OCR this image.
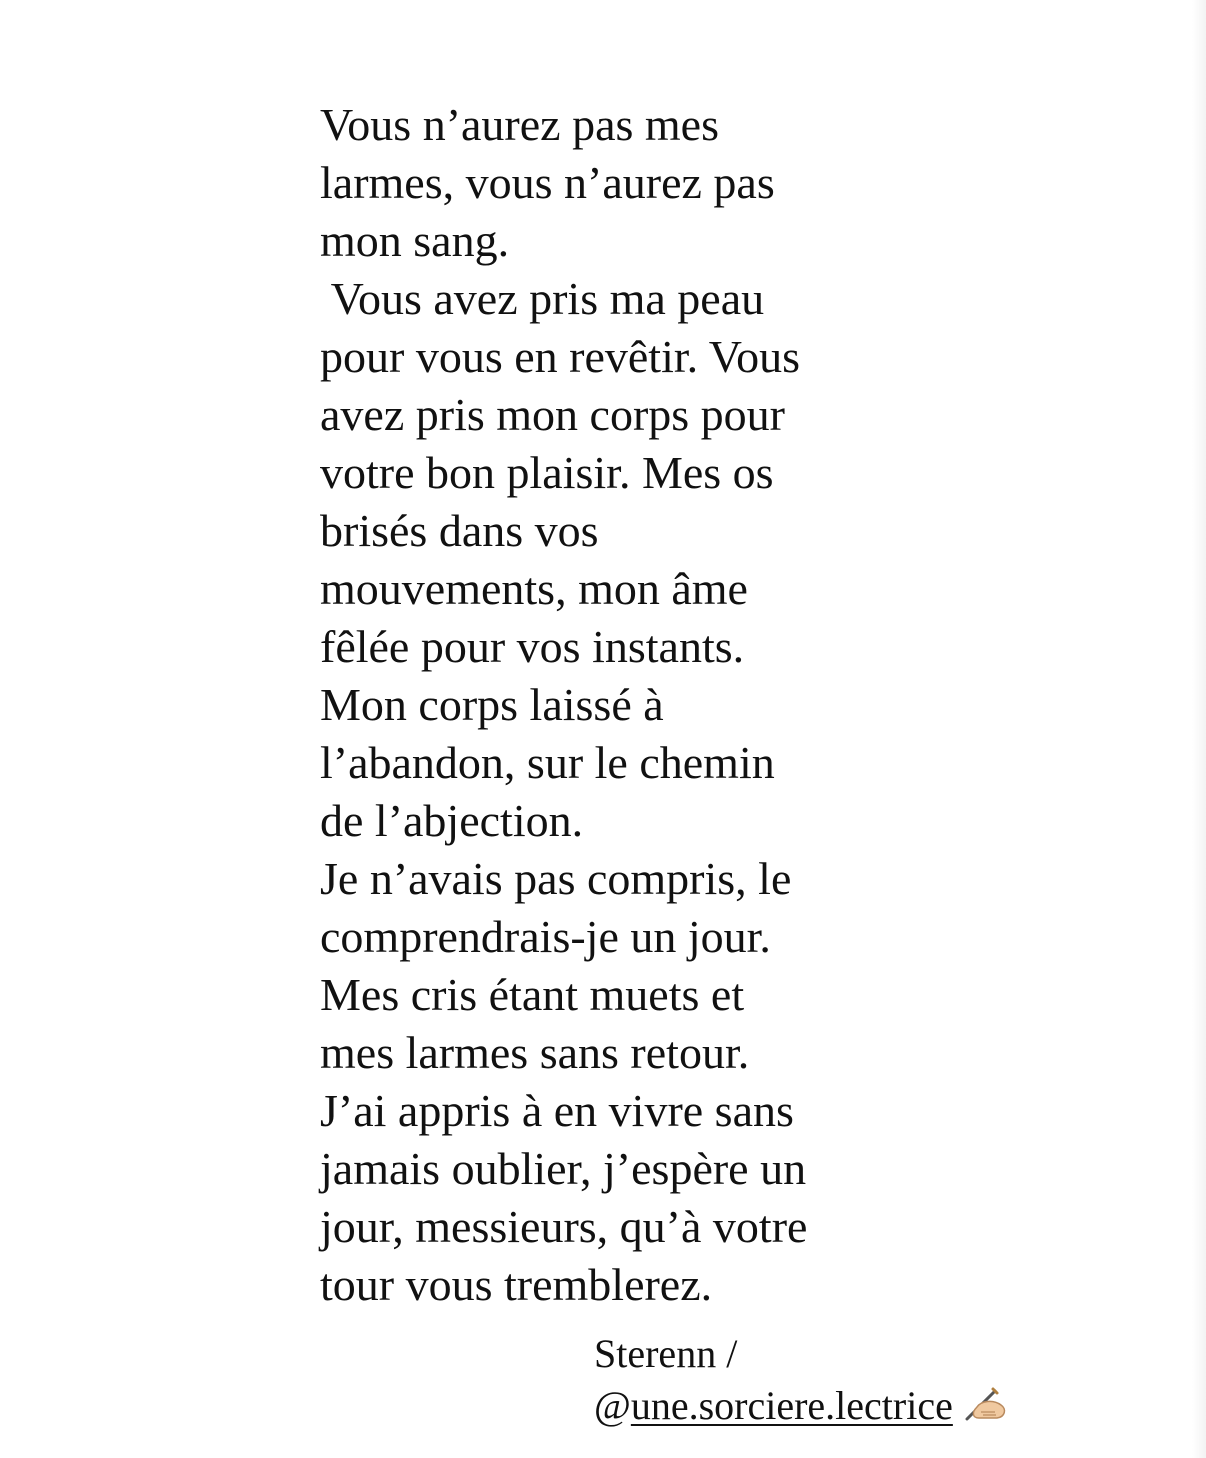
Vous n’aurez pas mes
larmes, vous n’aurez pas
mon sang.
Vous avez pris ma peau
pour vous en revêtir. Vous
avez pris mon corps pour
votre bon plaisir. Mes os
brisés dans vos
mouvements, mon âme
fêlée pour vos instants.
Mon corps laissé à
l’abandon, sur le chemin
de l’abjection.
Je n’avais pas compris, le
comprendrais-je un jour.
Mes cris étant muets et
mes larmes sans retour.
J’ai appris à en vivre sans
jamais oublier, j’espère un
jour, messieurs, qu’à votre
tour vous tremblerez.
Sterenn /
@une.sorciere.lectrice
